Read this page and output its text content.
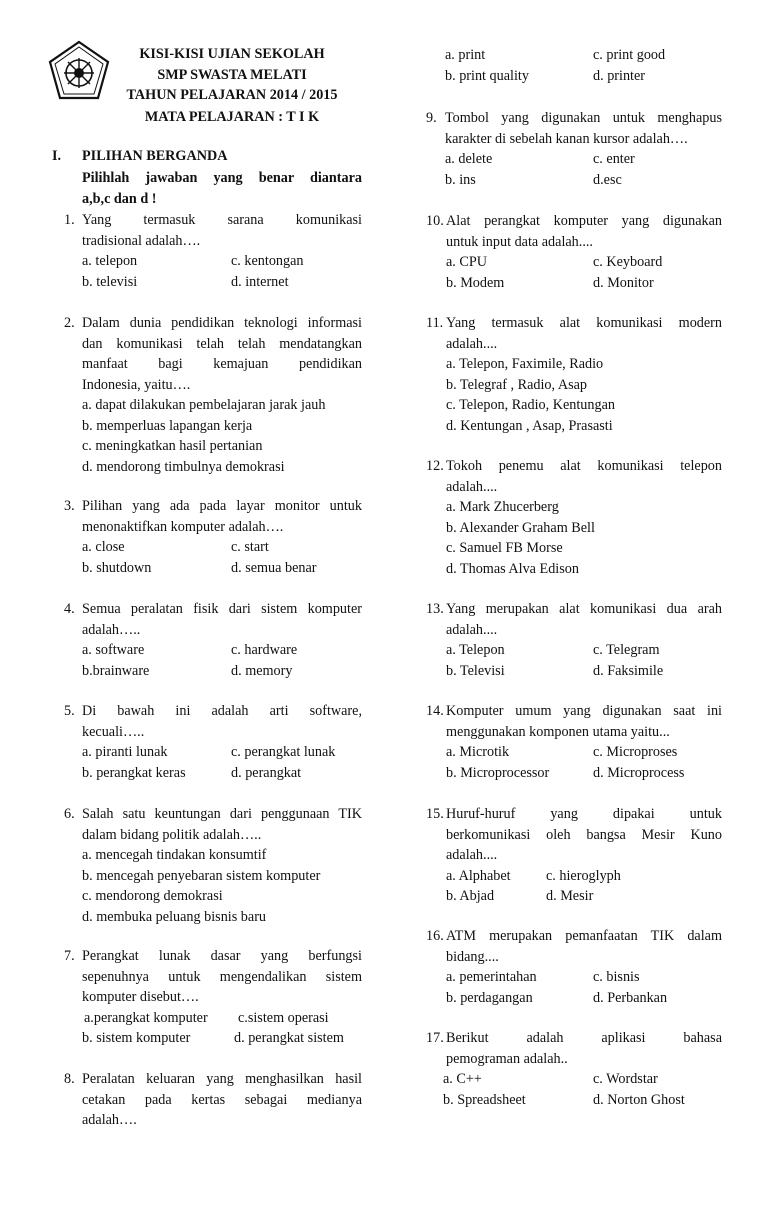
KISI-KISI UJIAN SEKOLAH
SMP SWASTA MELATI
TAHUN PELAJARAN 2014 / 2015
MATA PELAJARAN : T I K
I. PILIHAN BERGANDA
Pilihlah jawaban yang benar diantara
a,b,c dan d !
1. Yang termasuk sarana komunikasi
tradisional adalah….
a. telepon	c. kentongan
b. televisi	d. internet
2. Dalam dunia pendidikan teknologi informasi
dan komunikasi telah telah mendatangkan
manfaat bagi kemajuan pendidikan
Indonesia, yaitu….
a. dapat dilakukan pembelajaran jarak jauh
b. memperluas lapangan kerja
c. meningkatkan hasil pertanian
d. mendorong timbulnya demokrasi
3. Pilihan yang ada pada layar monitor untuk
menonaktifkan komputer adalah….
a. close	c. start
b. shutdown	d. semua benar
4. Semua peralatan fisik dari sistem komputer
adalah…..
a. software	c. hardware
b.brainware	d. memory
5. Di bawah ini adalah arti software,
kecuali…..
a. piranti lunak	c. perangkat lunak
b. perangkat keras	d. perangkat
6. Salah satu keuntungan dari penggunaan TIK
dalam bidang politik adalah…..
a. mencegah tindakan konsumtif
b. mencegah penyebaran sistem komputer
c. mendorong demokrasi
d. membuka peluang bisnis baru
7. Perangkat lunak dasar yang berfungsi
sepenuhnya untuk mengendalikan sistem
komputer disebut….
a.perangkat komputer c.sistem operasi
b. sistem komputer	d. perangkat sistem
8. Peralatan keluaran yang menghasilkan hasil
cetakan pada kertas sebagai medianya
adalah….
a. print	c. print good
b. print quality	d. printer
9. Tombol yang digunakan untuk menghapus
karakter di sebelah kanan kursor adalah….
a. delete	c. enter
b. ins	d.esc
10. Alat perangkat komputer yang digunakan
untuk input data adalah....
a. CPU	c. Keyboard
b. Modem	d. Monitor
11. Yang termasuk alat komunikasi modern
adalah....
a. Telepon, Faximile, Radio
b. Telegraf , Radio, Asap
c. Telepon, Radio, Kentungan
d. Kentungan , Asap, Prasasti
12. Tokoh penemu alat komunikasi telepon
adalah....
a. Mark Zhucerberg
b. Alexander Graham Bell
c. Samuel FB Morse
d. Thomas Alva Edison
13. Yang merupakan alat komunikasi dua arah
adalah....
a. Telepon	c. Telegram
b. Televisi	d. Faksimile
14. Komputer umum yang digunakan saat ini
menggunakan komponen utama yaitu...
a. Microtik	c. Microproses
b. Microprocessor	d. Microprocess
15. Huruf-huruf yang dipakai untuk
berkomunikasi oleh bangsa Mesir Kuno
adalah....
a. Alphabet c. hieroglyph
b. Abjad	d. Mesir
16. ATM merupakan pemanfaatan TIK dalam
bidang....
a. pemerintahan	c. bisnis
b. perdagangan	d. Perbankan
17. Berikut adalah aplikasi bahasa
pemograman adalah..
a. C++	c. Wordstar
b. Spreadsheet	d. Norton Ghost
